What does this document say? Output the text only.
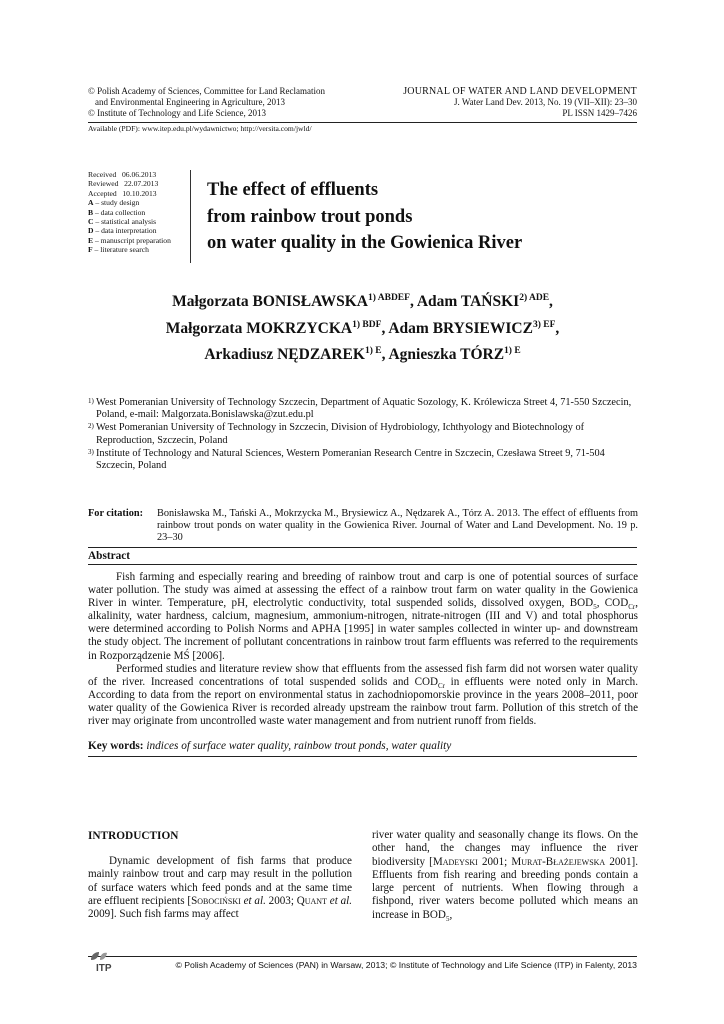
© Polish Academy of Sciences, Committee for Land Reclamation
and Environmental Engineering in Agriculture, 2013
© Institute of Technology and Life Science, 2013
JOURNAL OF WATER AND LAND DEVELOPMENT
J. Water Land Dev. 2013, No. 19 (VII–XII): 23–30
PL ISSN 1429–7426
Available (PDF): www.itep.edu.pl/wydawnictwo; http://versita.com/jwld/
Received 06.06.2013
Reviewed 22.07.2013
Accepted 10.10.2013
A – study design
B – data collection
C – statistical analysis
D – data interpretation
E – manuscript preparation
F – literature search
The effect of effluents
from rainbow trout ponds
on water quality in the Gowienica River
Małgorzata $BONISŁAWSKA^{1) ABDEF}$, Adam $TAŃSKI^{2) ADE}$,
Małgorzata $MOKRZYCKA^{1) BDF}$, Adam $BRYSIEWICZ^{3) EF}$,
Arkadiusz $NĘDZAREK^{1) E}$, Agnieszka $TÓRZ^{1) E}$
1) West Pomeranian University of Technology Szczecin, Department of Aquatic Sozology, K. Królewicza Street 4, 71-550 Szczecin, Poland, e-mail: Malgorzata.Bonislawska@zut.edu.pl
2) West Pomeranian University of Technology in Szczecin, Division of Hydrobiology, Ichthyology and Biotechnology of Reproduction, Szczecin, Poland
3) Institute of Technology and Natural Sciences, Western Pomeranian Research Centre in Szczecin, Czesława Street 9, 71-504 Szczecin, Poland
For citation: Bonisławska M., Tański A., Mokrzycka M., Brysiewicz A., Nędzarek A., Tórz A. 2013. The effect of effluents from rainbow trout ponds on water quality in the Gowienica River. Journal of Water and Land Development. No. 19 p. 23–30
Abstract

Fish farming and especially rearing and breeding of rainbow trout and carp is one of potential sources of surface water pollution. The study was aimed at assessing the effect of a rainbow trout farm on water quality in the Gowienica River in winter. Temperature, pH, electrolytic conductivity, total suspended solids, dissolved oxygen, $BOD_5$, $COD_{Cr}$, alkalinity, water hardness, calcium, magnesium, ammonium-nitrogen, nitrate-nitrogen (III and V) and total phosphorus were determined according to Polish Norms and APHA [1995] in water samples collected in winter up- and downstream the study object. The increment of pollutant concentrations in rainbow trout farm effluents was referred to the requirements in Rozporządzenie MŚ [2006].

Performed studies and literature review show that effluents from the assessed fish farm did not worsen water quality of the river. Increased concentrations of total suspended solids and $COD_{Cr}$ in effluents were noted only in March. According to data from the report on environmental status in zachodniopomorskie province in the years 2008–2011, poor water quality of the Gowienica River is recorded already upstream the rainbow trout farm. Pollution of this stretch of the river may originate from uncontrolled waste water management and from nutrient runoff from fields.

Key words: indices of surface water quality, rainbow trout ponds, water quality
INTRODUCTION
Dynamic development of fish farms that produce mainly rainbow trout and carp may result in the pollution of surface waters which feed ponds and at the same time are effluent recipients [Sobociński et al. 2003; Quant et al. 2009]. Such fish farms may affect
river water quality and seasonally change its flows. On the other hand, the changes may influence the river biodiversity [Madeyski 2001; Murat-Błażejewska 2001]. Effluents from fish rearing and breeding ponds contain a large percent of nutrients. When flowing through a fishpond, river waters become polluted which means an increase in $BOD_5$,
ITP	© Polish Academy of Sciences (PAN) in Warsaw, 2013; © Institute of Technology and Life Science (ITP) in Falenty, 2013
